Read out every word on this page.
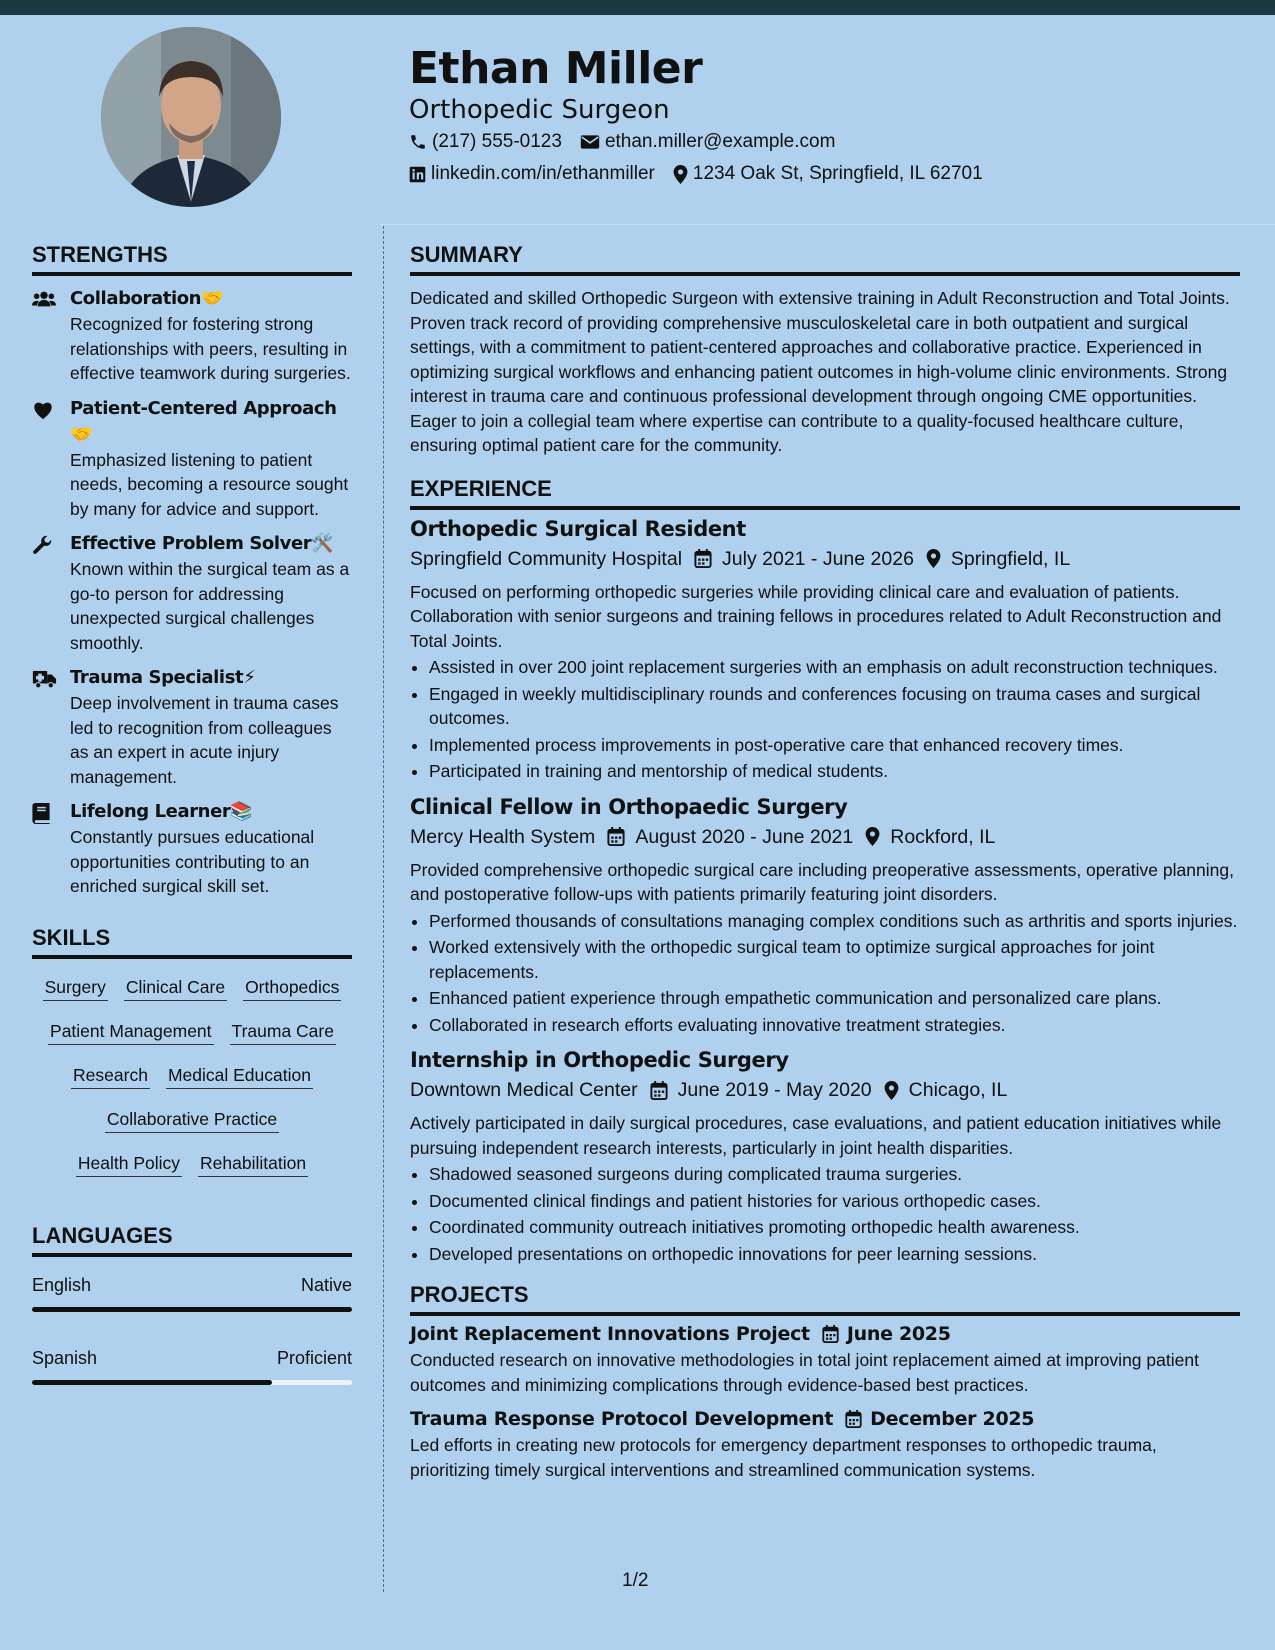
Ethan Miller
Orthopedic Surgeon
(217) 555-0123 ethan.miller@example.com
linkedin.com/in/ethanmiller 1234 Oak St, Springfield, IL 62701
STRENGTHS
Collaboration🤝
Recognized for fostering strong relationships with peers, resulting in effective teamwork during surgeries.
Patient-Centered Approach🤝
Emphasized listening to patient needs, becoming a resource sought by many for advice and support.
Effective Problem Solver🛠️
Known within the surgical team as a go-to person for addressing unexpected surgical challenges smoothly.
Trauma Specialist⚡
Deep involvement in trauma cases led to recognition from colleagues as an expert in acute injury management.
Lifelong Learner📚
Constantly pursues educational opportunities contributing to an enriched surgical skill set.
SKILLS
Surgery Clinical Care Orthopedics
Patient Management Trauma Care
Research Medical Education
Collaborative Practice
Health Policy Rehabilitation
LANGUAGES
English	Native
Spanish	Proficient
SUMMARY
Dedicated and skilled Orthopedic Surgeon with extensive training in Adult Reconstruction and Total Joints. Proven track record of providing comprehensive musculoskeletal care in both outpatient and surgical settings, with a commitment to patient-centered approaches and collaborative practice. Experienced in optimizing surgical workflows and enhancing patient outcomes in high-volume clinic environments. Strong interest in trauma care and continuous professional development through ongoing CME opportunities. Eager to join a collegial team where expertise can contribute to a quality-focused healthcare culture, ensuring optimal patient care for the community.
EXPERIENCE
Orthopedic Surgical Resident
Springfield Community Hospital July 2021 - June 2026 Springfield, IL
Focused on performing orthopedic surgeries while providing clinical care and evaluation of patients. Collaboration with senior surgeons and training fellows in procedures related to Adult Reconstruction and Total Joints.
• Assisted in over 200 joint replacement surgeries with an emphasis on adult reconstruction techniques.
• Engaged in weekly multidisciplinary rounds and conferences focusing on trauma cases and surgical outcomes.
• Implemented process improvements in post-operative care that enhanced recovery times.
• Participated in training and mentorship of medical students.
Clinical Fellow in Orthopaedic Surgery
Mercy Health System August 2020 - June 2021 Rockford, IL
Provided comprehensive orthopedic surgical care including preoperative assessments, operative planning, and postoperative follow-ups with patients primarily featuring joint disorders.
• Performed thousands of consultations managing complex conditions such as arthritis and sports injuries.
• Worked extensively with the orthopedic surgical team to optimize surgical approaches for joint replacements.
• Enhanced patient experience through empathetic communication and personalized care plans.
• Collaborated in research efforts evaluating innovative treatment strategies.
Internship in Orthopedic Surgery
Downtown Medical Center June 2019 - May 2020 Chicago, IL
Actively participated in daily surgical procedures, case evaluations, and patient education initiatives while pursuing independent research interests, particularly in joint health disparities.
• Shadowed seasoned surgeons during complicated trauma surgeries.
• Documented clinical findings and patient histories for various orthopedic cases.
• Coordinated community outreach initiatives promoting orthopedic health awareness.
• Developed presentations on orthopedic innovations for peer learning sessions.
PROJECTS
Joint Replacement Innovations Project June 2025
Conducted research on innovative methodologies in total joint replacement aimed at improving patient outcomes and minimizing complications through evidence-based best practices.
Trauma Response Protocol Development December 2025
Led efforts in creating new protocols for emergency department responses to orthopedic trauma, prioritizing timely surgical interventions and streamlined communication systems.
1/2
